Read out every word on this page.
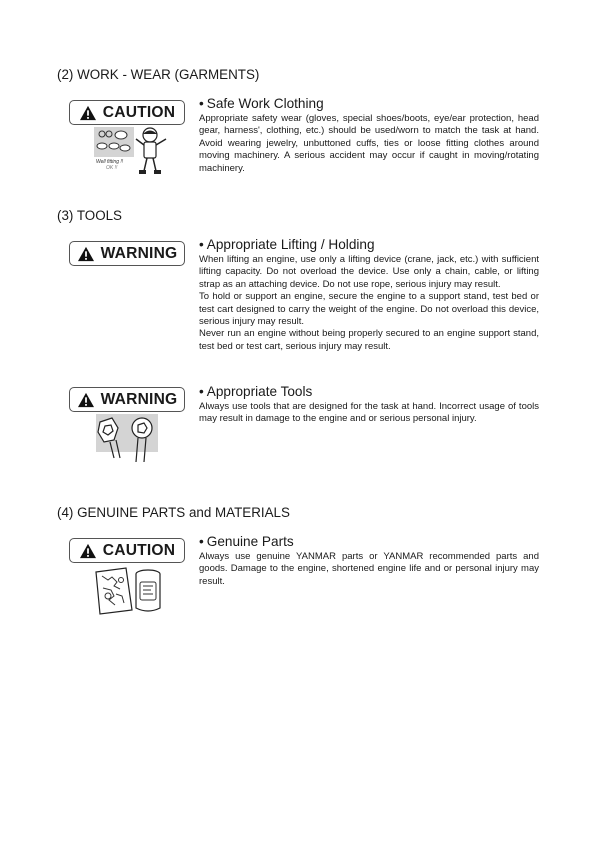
(2) WORK - WEAR (GARMENTS)
CAUTION
Well fitting !!
OK !!
• Safe Work Clothing

Appropriate safety wear (gloves, special shoes/boots, eye/ear protection, head gear, harness', clothing, etc.) should be used/worn to match the task at hand. Avoid wearing jewelry, unbuttoned cuffs, ties or loose fitting clothes around moving machinery. A serious accident may occur if caught in moving/rotating machinery.

(3) TOOLS
WARNING • Appropriate Lifting / Holding

When lifting an engine, use only a lifting device (crane, jack, etc.) with sufficient lifting capacity. Do not overload the device. Use only a chain, cable, or lifting strap as an attaching device. Do not use rope, serious injury may result.

To hold or support an engine, secure the engine to a support stand, test bed or test cart designed to carry the weight of the engine. Do not overload this device, serious injury may result.

Never run an engine without being properly secured to an engine support stand, test bed or test cart, serious injury may result.

WARNING • Appropriate Tools

Always use tools that are designed for the task at hand. Incorrect usage of tools may result in damage to the engine and or serious personal injury.

(4) GENUINE PARTS and MATERIALS
CAUTION • Genuine Parts

Always use genuine YANMAR parts or YANMAR recommended parts and goods. Damage to the engine, shortened engine life and or personal injury may result.
